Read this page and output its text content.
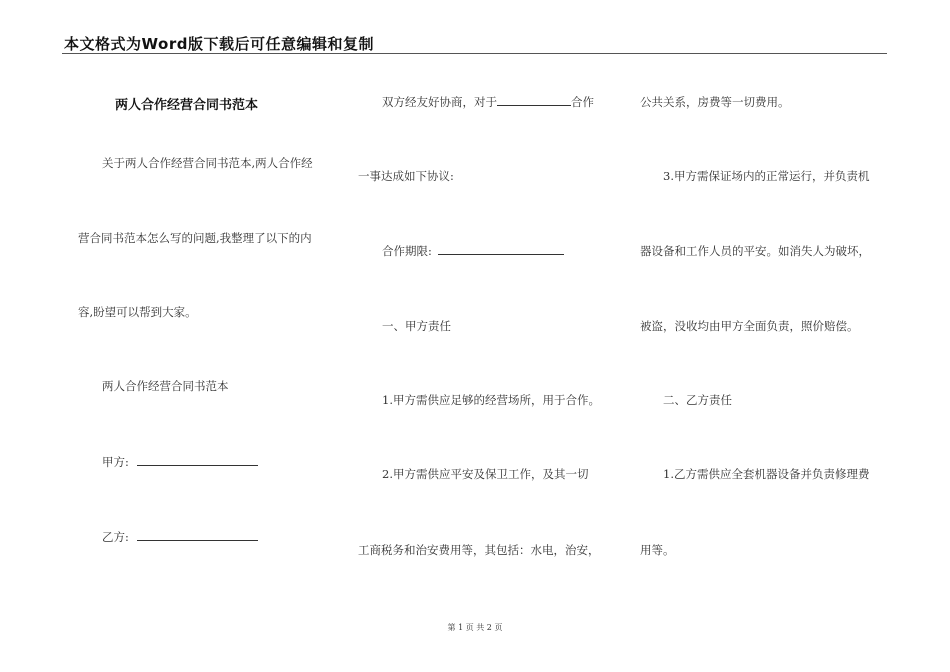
本文格式为Word版下载后可任意编辑和复制
两人合作经营合同书范本
关于两人合作经营合同书范本,两人合作经
营合同书范本怎么写的问题,我整理了以下的内
容,盼望可以帮到大家。
两人合作经营合同书范本
甲方:
乙方:
双方经友好协商，对于	合作
一事达成如下协议:
合作期限:
一、甲方责任
1.甲方需供应足够的经营场所，用于合作。
2.甲方需供应平安及保卫工作，及其一切
工商税务和治安费用等，其包括：水电，治安，
公共关系，房费等一切费用。
3.甲方需保证场内的正常运行，并负责机
器设备和工作人员的平安。如消失人为破坏，
被盗，没收均由甲方全面负责，照价赔偿。
二、乙方责任
1.乙方需供应全套机器设备并负责修理费
用等。
第 1 页 共 2 页
